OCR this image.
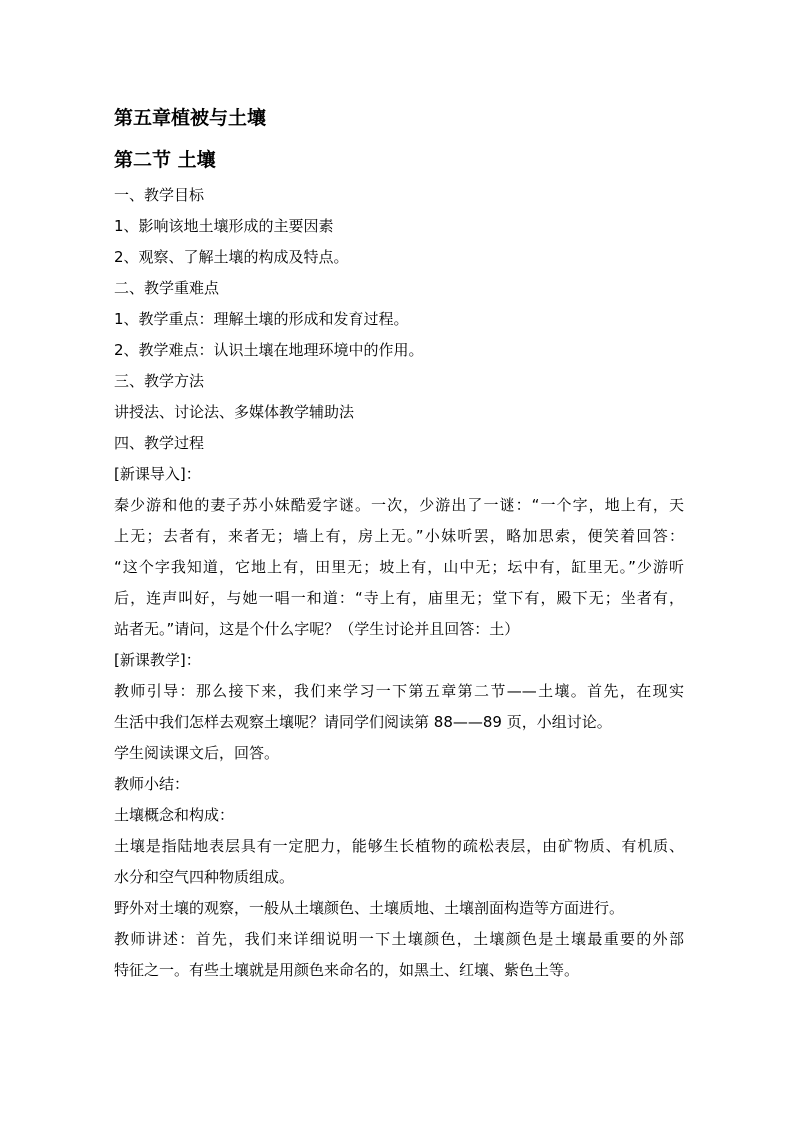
第五章植被与土壤
第二节 土壤
一、教学目标
1、影响该地土壤形成的主要因素
2、观察、了解土壤的构成及特点。
二、教学重难点
1、教学重点：理解土壤的形成和发育过程。
2、教学难点：认识土壤在地理环境中的作用。
三、教学方法
讲授法、讨论法、多媒体教学辅助法
四、教学过程
[新课导入]：
秦少游和他的妻子苏小妹酷爱字谜。一次，少游出了一谜：“一个字，地上有，天
上无；去者有，来者无；墙上有，房上无。”小妹听罢，略加思索，便笑着回答：
“这个字我知道，它地上有，田里无；坡上有，山中无；坛中有，缸里无。”少游听
后，连声叫好，与她一唱一和道：“寺上有，庙里无；堂下有，殿下无；坐者有，
站者无。”请问，这是个什么字呢？（学生讨论并且回答：土）
[新课教学]：
教师引导：那么接下来，我们来学习一下第五章第二节——土壤。首先，在现实
生活中我们怎样去观察土壤呢？请同学们阅读第 88——89 页，小组讨论。
学生阅读课文后，回答。
教师小结：
土壤概念和构成：
土壤是指陆地表层具有一定肥力，能够生长植物的疏松表层，由矿物质、有机质、
水分和空气四种物质组成。
野外对土壤的观察，一般从土壤颜色、土壤质地、土壤剖面构造等方面进行。
教师讲述：首先，我们来详细说明一下土壤颜色，土壤颜色是土壤最重要的外部
特征之一。有些土壤就是用颜色来命名的，如黑土、红壤、紫色土等。
